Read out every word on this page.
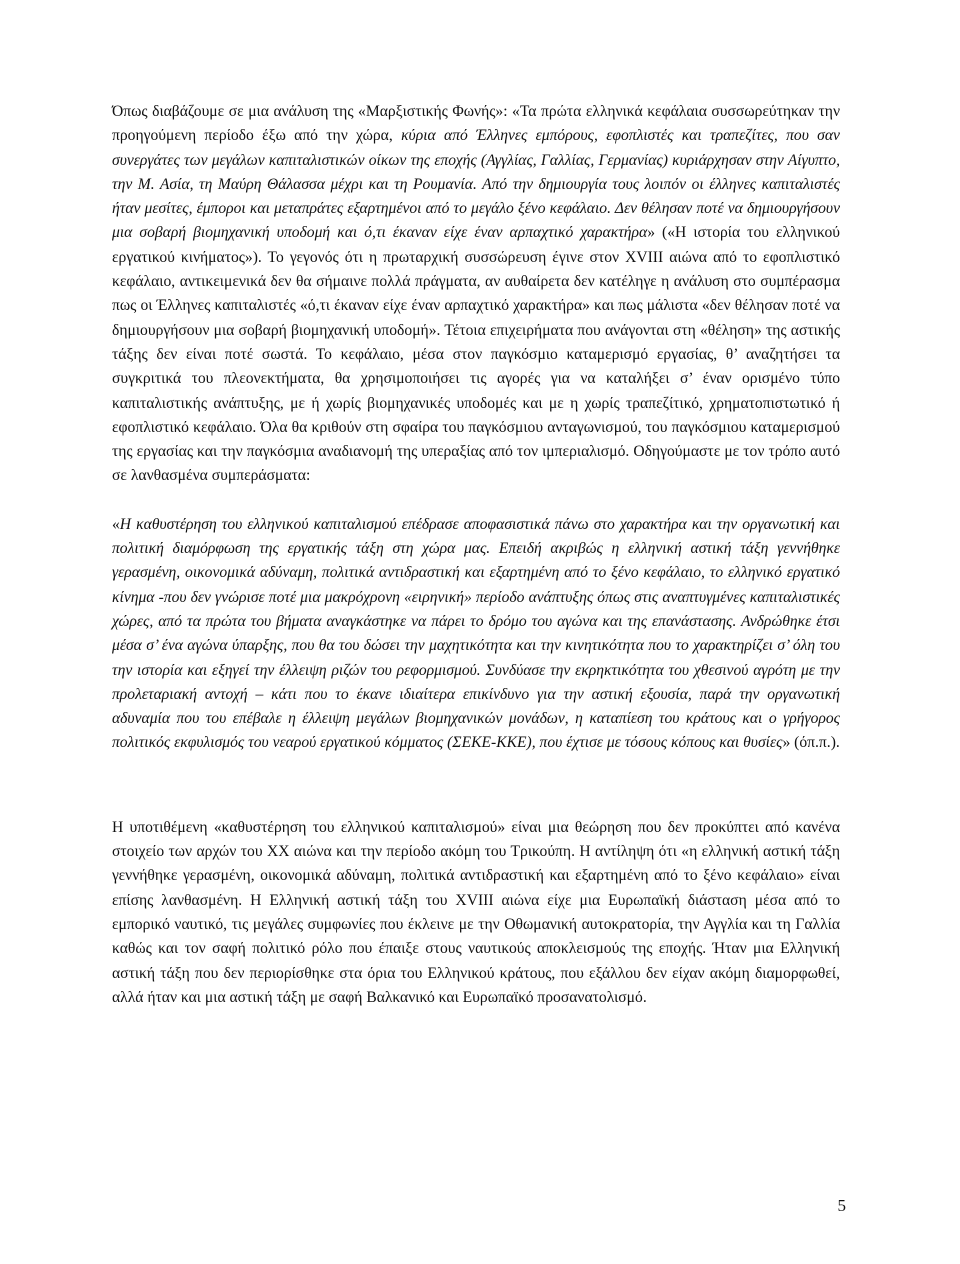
Όπως διαβάζουμε σε μια ανάλυση της «Μαρξιστικής Φωνής»: «Τα πρώτα ελληνικά κεφάλαια συσσωρεύτηκαν την προηγούμενη περίοδο έξω από την χώρα, κύρια από Έλληνες εμπόρους, εφοπλιστές και τραπεζίτες, που σαν συνεργάτες των μεγάλων καπιταλιστικών οίκων της εποχής (Αγγλίας, Γαλλίας, Γερμανίας) κυριάρχησαν στην Αίγυπτο, την Μ. Ασία, τη Μαύρη Θάλασσα μέχρι και τη Ρουμανία. Από την δημιουργία τους λοιπόν οι έλληνες καπιταλιστές ήταν μεσίτες, έμποροι και μεταπράτες εξαρτημένοι από το μεγάλο ξένο κεφάλαιο. Δεν θέλησαν ποτέ να δημιουργήσουν μια σοβαρή βιομηχανική υποδομή και ό,τι έκαναν είχε έναν αρπαχτικό χαρακτήρα» («Η ιστορία του ελληνικού εργατικού κινήματος»). Το γεγονός ότι η πρωταρχική συσσώρευση έγινε στον XVIII αιώνα από το εφοπλιστικό κεφάλαιο, αντικειμενικά δεν θα σήμαινε πολλά πράγματα, αν αυθαίρετα δεν κατέληγε η ανάλυση στο συμπέρασμα πως οι Έλληνες καπιταλιστές «ό,τι έκαναν είχε έναν αρπαχτικό χαρακτήρα» και πως μάλιστα «δεν θέλησαν ποτέ να δημιουργήσουν μια σοβαρή βιομηχανική υποδομή». Τέτοια επιχειρήματα που ανάγονται στη «θέληση» της αστικής τάξης δεν είναι ποτέ σωστά. Το κεφάλαιο, μέσα στον παγκόσμιο καταμερισμό εργασίας, θ’ αναζητήσει τα συγκριτικά του πλεονεκτήματα, θα χρησιμοποιήσει τις αγορές για να καταλήξει σ’ έναν ορισμένο τύπο καπιταλιστικής ανάπτυξης, με ή χωρίς βιομηχανικές υποδομές και με η χωρίς τραπεζίτικό, χρηματοπιστωτικό ή εφοπλιστικό κεφάλαιο. Όλα θα κριθούν στη σφαίρα του παγκόσμιου ανταγωνισμού, του παγκόσμιου καταμερισμού της εργασίας και την παγκόσμια αναδιανομή της υπεραξίας από τον ιμπεριαλισμό. Οδηγούμαστε με τον τρόπο αυτό σε λανθασμένα συμπεράσματα:

«Η καθυστέρηση του ελληνικού καπιταλισμού επέδρασε αποφασιστικά πάνω στο χαρακτήρα και την οργανωτική και πολιτική διαμόρφωση της εργατικής τάξη στη χώρα μας. Επειδή ακριβώς η ελληνική αστική τάξη γεννήθηκε γερασμένη, οικονομικά αδύναμη, πολιτικά αντιδραστική και εξαρτημένη από το ξένο κεφάλαιο, το ελληνικό εργατικό κίνημα -που δεν γνώρισε ποτέ μια μακρόχρονη «ειρηνική» περίοδο ανάπτυξης όπως στις αναπτυγμένες καπιταλιστικές χώρες, από τα πρώτα του βήματα αναγκάστηκε να πάρει το δρόμο του αγώνα και της επανάστασης. Ανδρώθηκε έτσι μέσα σ’ ένα αγώνα ύπαρξης, που θα του δώσει την μαχητικότητα και την κινητικότητα που το χαρακτηρίζει σ’ όλη του την ιστορία και εξηγεί την έλλειψη ριζών του ρεφορμισμού. Συνδύασε την εκρηκτικότητα του χθεσινού αγρότη με την προλεταριακή αντοχή – κάτι που το έκανε ιδιαίτερα επικίνδυνο για την αστική εξουσία, παρά την οργανωτική αδυναμία που του επέβαλε η έλλειψη μεγάλων βιομηχανικών μονάδων, η καταπίεση του κράτους και ο γρήγορος πολιτικός εκφυλισμός του νεαρού εργατικού κόμματος (ΣΕΚΕ-ΚΚΕ), που έχτισε με τόσους κόπους και θυσίες» (όπ.π.).

Η υποτιθέμενη «καθυστέρηση του ελληνικού καπιταλισμού» είναι μια θεώρηση που δεν προκύπτει από κανένα στοιχείο των αρχών του XX αιώνα και την περίοδο ακόμη του Τρικούπη. Η αντίληψη ότι «η ελληνική αστική τάξη γεννήθηκε γερασμένη, οικονομικά αδύναμη, πολιτικά αντιδραστική και εξαρτημένη από το ξένο κεφάλαιο» είναι επίσης λανθασμένη. Η Ελληνική αστική τάξη του XVIII αιώνα είχε μια Ευρωπαϊκή διάσταση μέσα από το εμπορικό ναυτικό, τις μεγάλες συμφωνίες που έκλεινε με την Οθωμανική αυτοκρατορία, την Αγγλία και τη Γαλλία καθώς και τον σαφή πολιτικό ρόλο που έπαιξε στους ναυτικούς αποκλεισμούς της εποχής. Ήταν μια Ελληνική αστική τάξη που δεν περιορίσθηκε στα όρια του Ελληνικού κράτους, που εξάλλου δεν είχαν ακόμη διαμορφωθεί, αλλά ήταν και μια αστική τάξη με σαφή Βαλκανικό και Ευρωπαϊκό προσανατολισμό.

5
